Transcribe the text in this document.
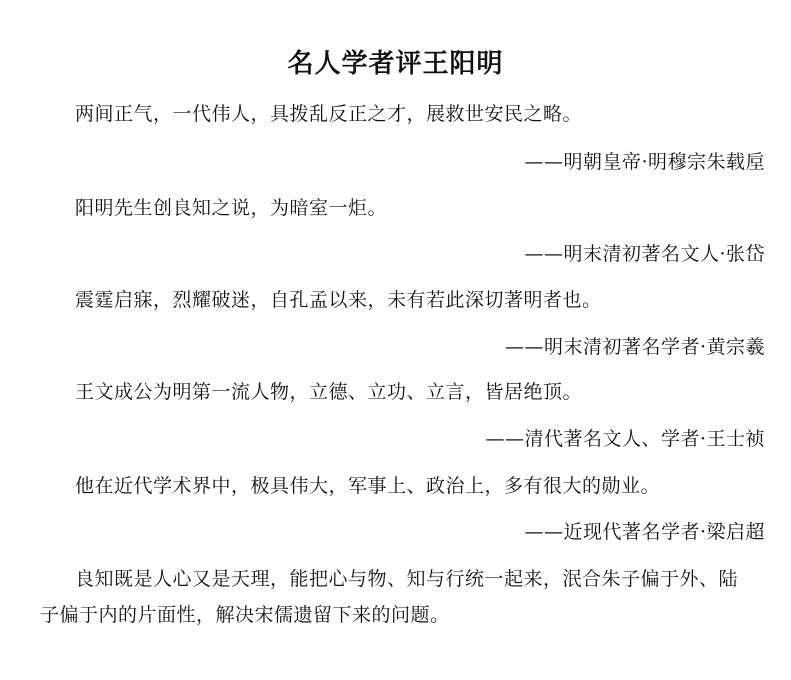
名人学者评王阳明
两间正气，一代伟人，具拨乱反正之才，展救世安民之略。
——明朝皇帝·明穆宗朱载垕
阳明先生创良知之说，为暗室一炬。
——明末清初著名文人·张岱
震霆启寐，烈耀破迷，自孔孟以来，未有若此深切著明者也。
——明末清初著名学者·黄宗羲
王文成公为明第一流人物，立德、立功、立言，皆居绝顶。
——清代著名文人、学者·王士祯
他在近代学术界中，极具伟大，军事上、政治上，多有很大的勋业。
——近现代著名学者·梁启超
良知既是人心又是天理，能把心与物、知与行统一起来，泯合朱子偏于外、陆
子偏于内的片面性，解决宋儒遗留下来的问题。
